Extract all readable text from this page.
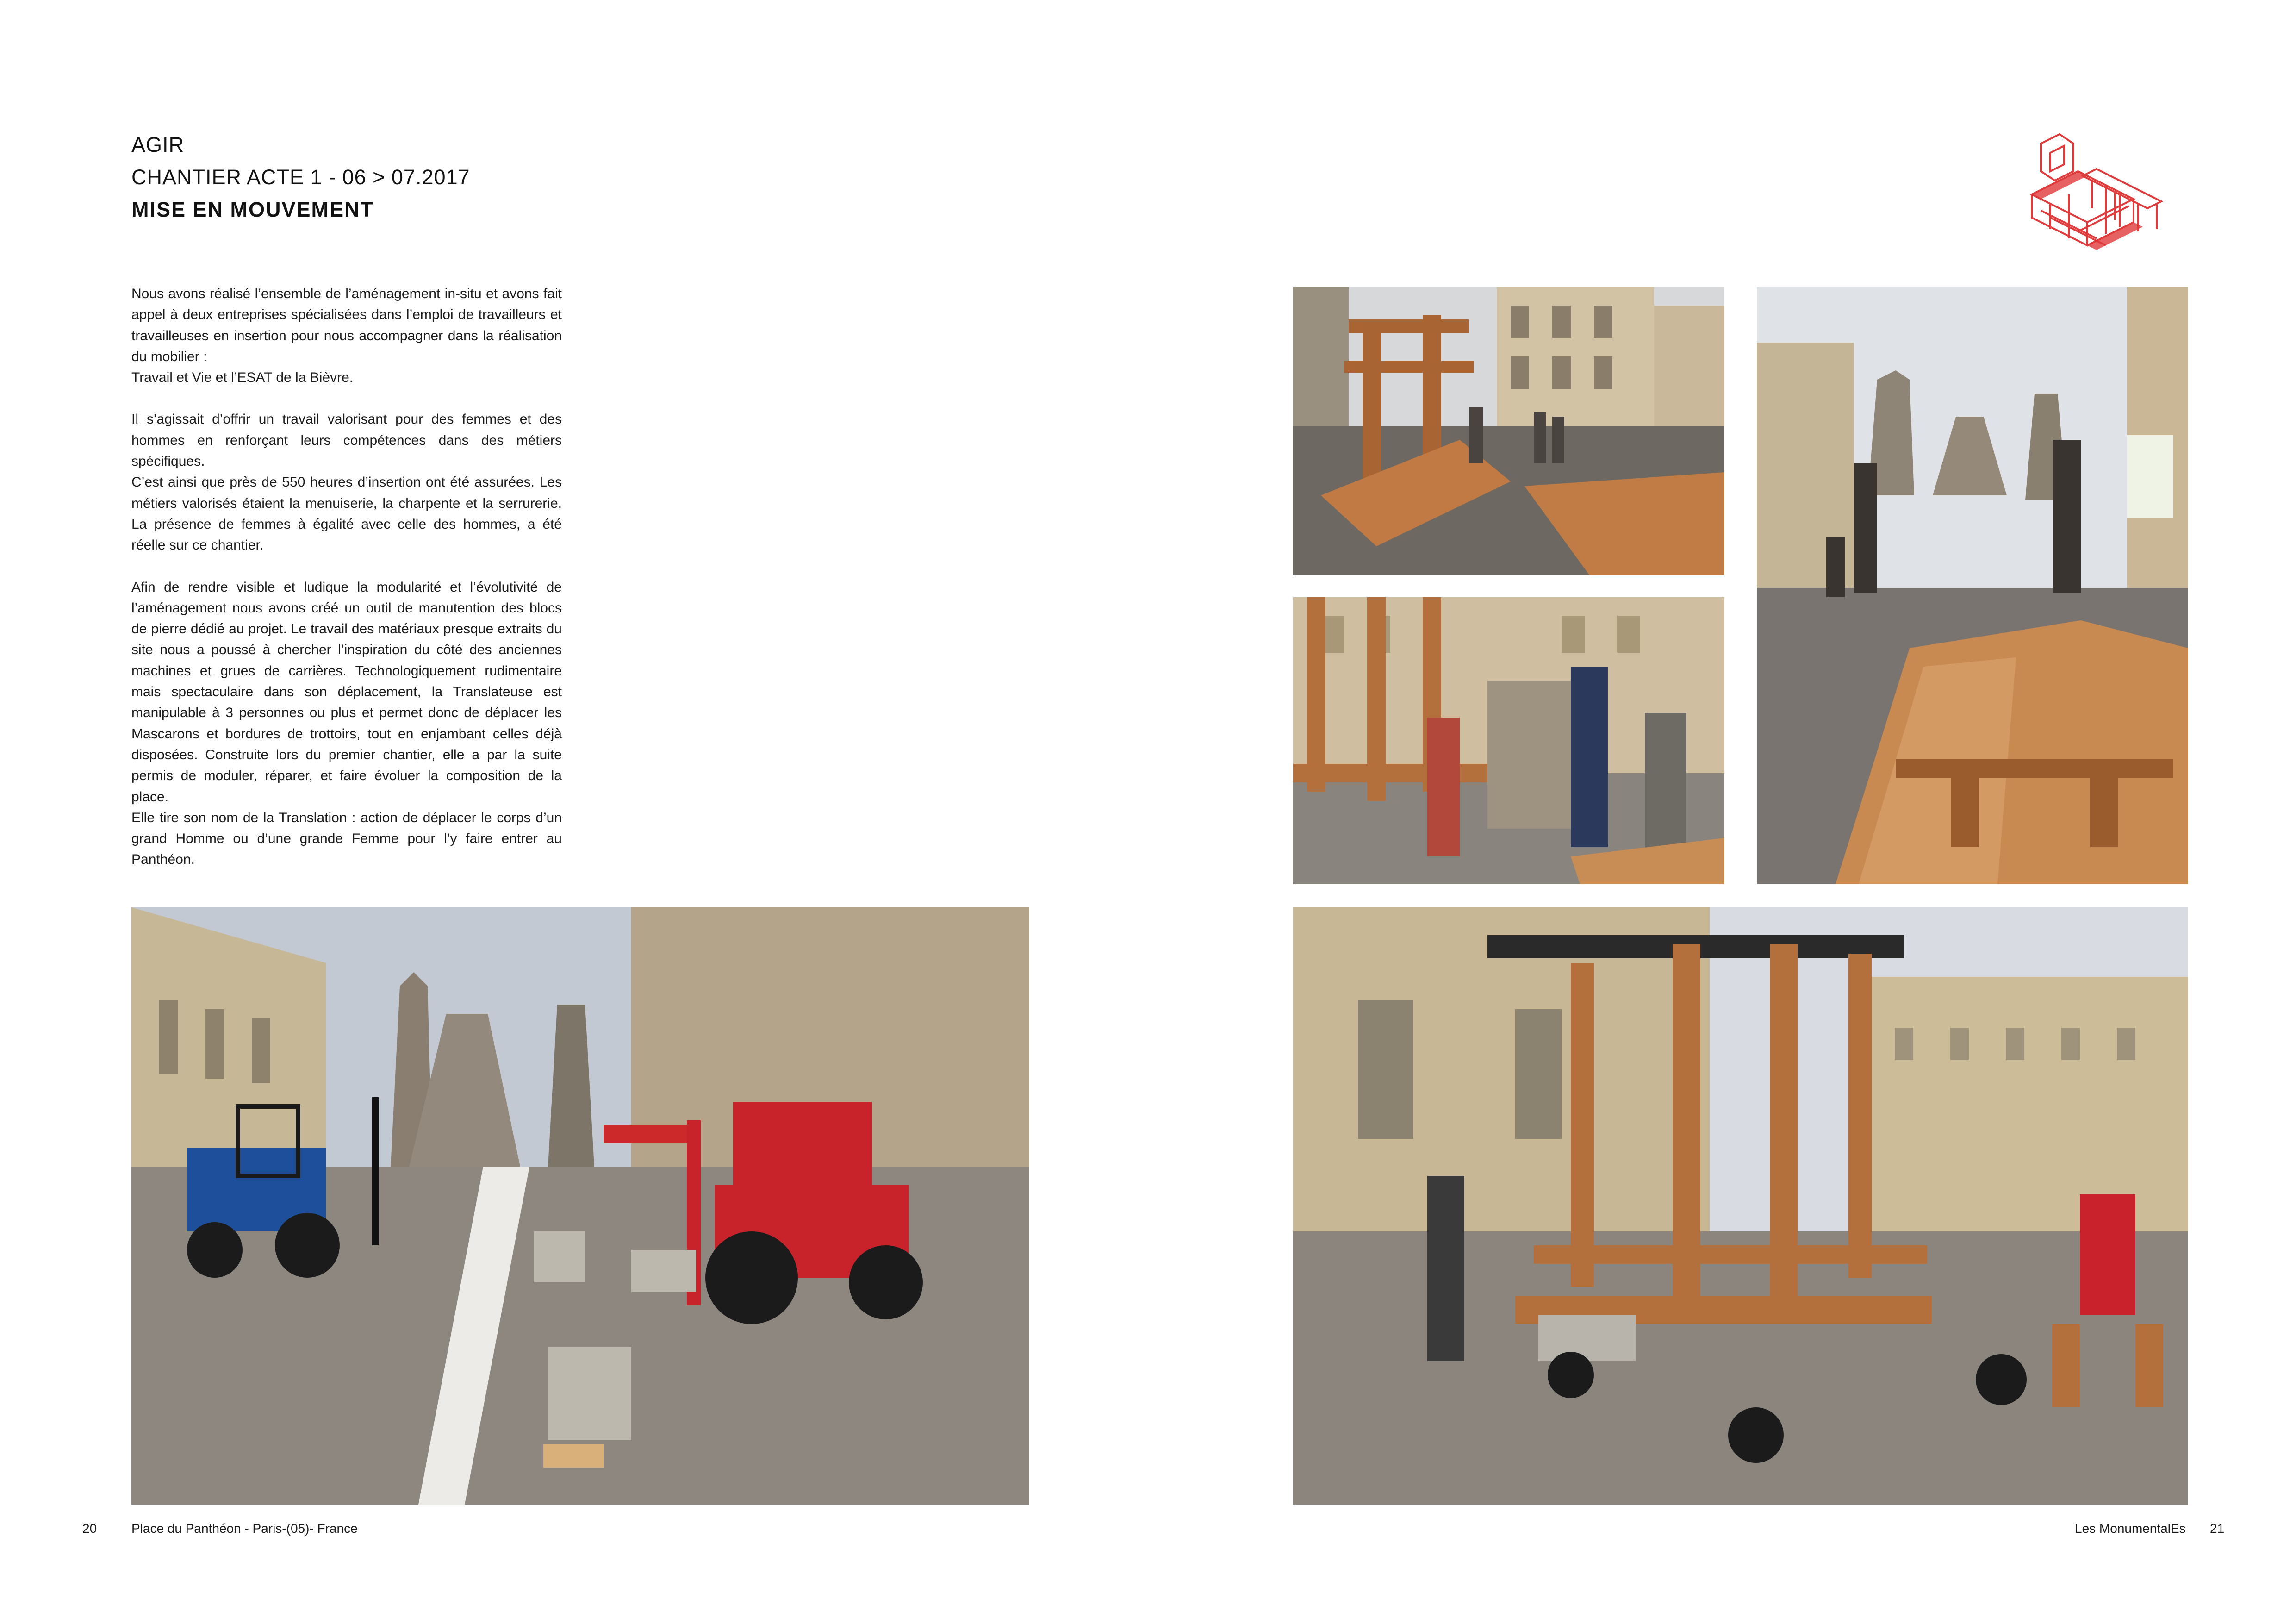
AGIR
CHANTIER ACTE 1 - 06 > 07.2017
MISE EN MOUVEMENT

Nous avons réalisé l’ensemble de l’aménagement in-situ et avons fait appel à deux entreprises spécialisées dans l’emploi de travailleurs et travailleuses en insertion pour nous accompagner dans la réalisation du mobilier :
Travail et Vie et l’ESAT de la Bièvre.

Il s’agissait d’offrir un travail valorisant pour des femmes et des hommes en renforçant leurs compétences dans des métiers spécifiques.
C’est ainsi que près de 550 heures d’insertion ont été assurées. Les métiers valorisés étaient la menuiserie, la charpente et la serrurerie. La présence de femmes à égalité avec celle des hommes, a été réelle sur ce chantier.

Afin de rendre visible et ludique la modularité et l’évolutivité de l’aménagement nous avons créé un outil de manutention des blocs de pierre dédié au projet. Le travail des matériaux presque extraits du site nous a poussé à chercher l’inspiration du côté des anciennes machines et grues de carrières. Technologiquement rudimentaire mais spectaculaire dans son déplacement, la Translateuse est manipulable à 3 personnes ou plus et permet donc de déplacer les Mascarons et bordures de trottoirs, tout en enjambant celles déjà disposées. Construite lors du premier chantier, elle a par la suite permis de moduler, réparer, et faire évoluer la composition de la place.
Elle tire son nom de la Translation : action de déplacer le corps d’un grand Homme ou d’une grande Femme pour l’y faire entrer au Panthéon.

20	Place du Panthéon - Paris-(05)- France	Les MonumentalEs 21
